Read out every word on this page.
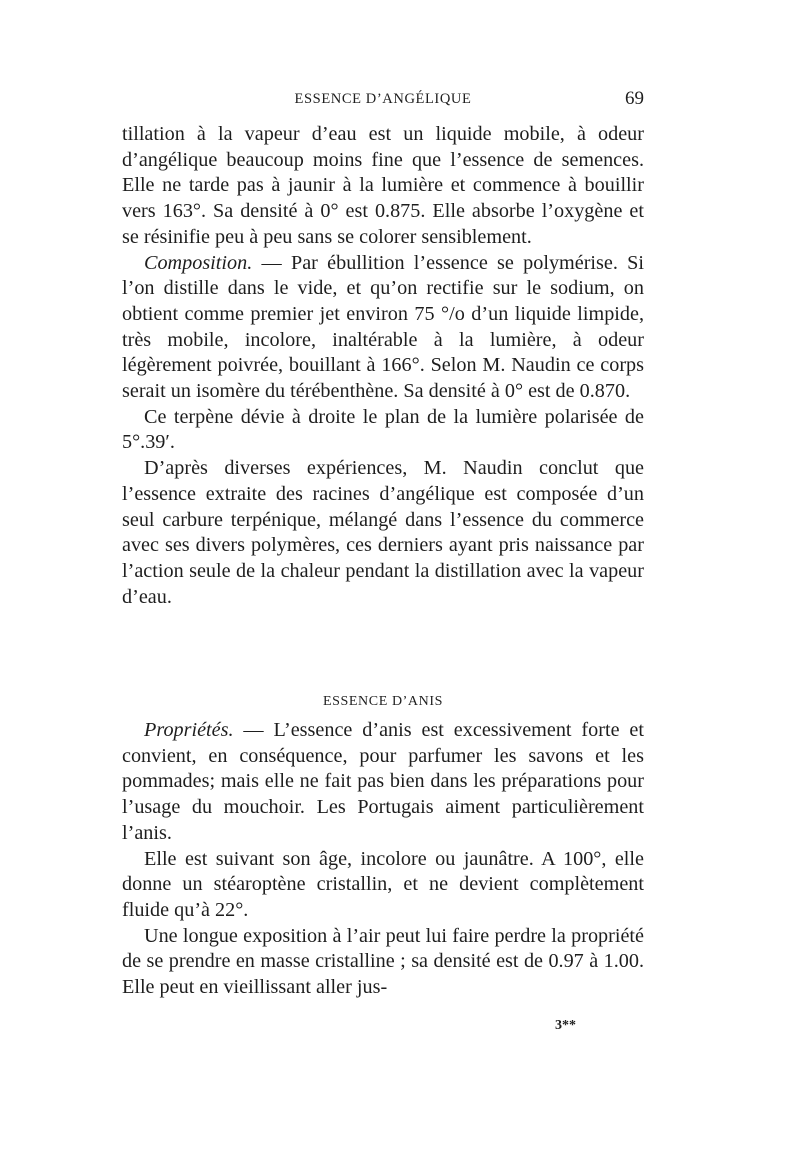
ESSENCE D’ANGÉLIQUE	69

tillation à la vapeur d’eau est un liquide mobile, à odeur d’angélique beaucoup moins fine que l’essence de semences. Elle ne tarde pas à jaunir à la lumière et commence à bouillir vers 163°. Sa densité à 0° est 0.875. Elle absorbe l’oxygène et se résinifie peu à peu sans se colorer sensiblement.

Composition. — Par ébullition l’essence se polymérise. Si l’on distille dans le vide, et qu’on rectifie sur le sodium, on obtient comme premier jet environ 75 °/o d’un liquide limpide, très mobile, incolore, inaltérable à la lumière, à odeur légèrement poivrée, bouillant à 166°. Selon M. Naudin ce corps serait un isomère du térébenthène. Sa densité à 0° est de 0.870.

Ce terpène dévie à droite le plan de la lumière polarisée de 5°.39′.

D’après diverses expériences, M. Naudin conclut que l’essence extraite des racines d’angélique est composée d’un seul carbure terpénique, mélangé dans l’essence du commerce avec ses divers polymères, ces derniers ayant pris naissance par l’action seule de la chaleur pendant la distillation avec la vapeur d’eau.

ESSENCE D’ANIS

Propriétés. — L’essence d’anis est excessivement forte et convient, en conséquence, pour parfumer les savons et les pommades; mais elle ne fait pas bien dans les préparations pour l’usage du mouchoir. Les Portugais aiment particulièrement l’anis.

Elle est suivant son âge, incolore ou jaunâtre. A 100°, elle donne un stéaroptène cristallin, et ne devient complètement fluide qu’à 22°.

Une longue exposition à l’air peut lui faire perdre la propriété de se prendre en masse cristalline ; sa densité est de 0.97 à 1.00. Elle peut en vieillissant aller jus-

3**
